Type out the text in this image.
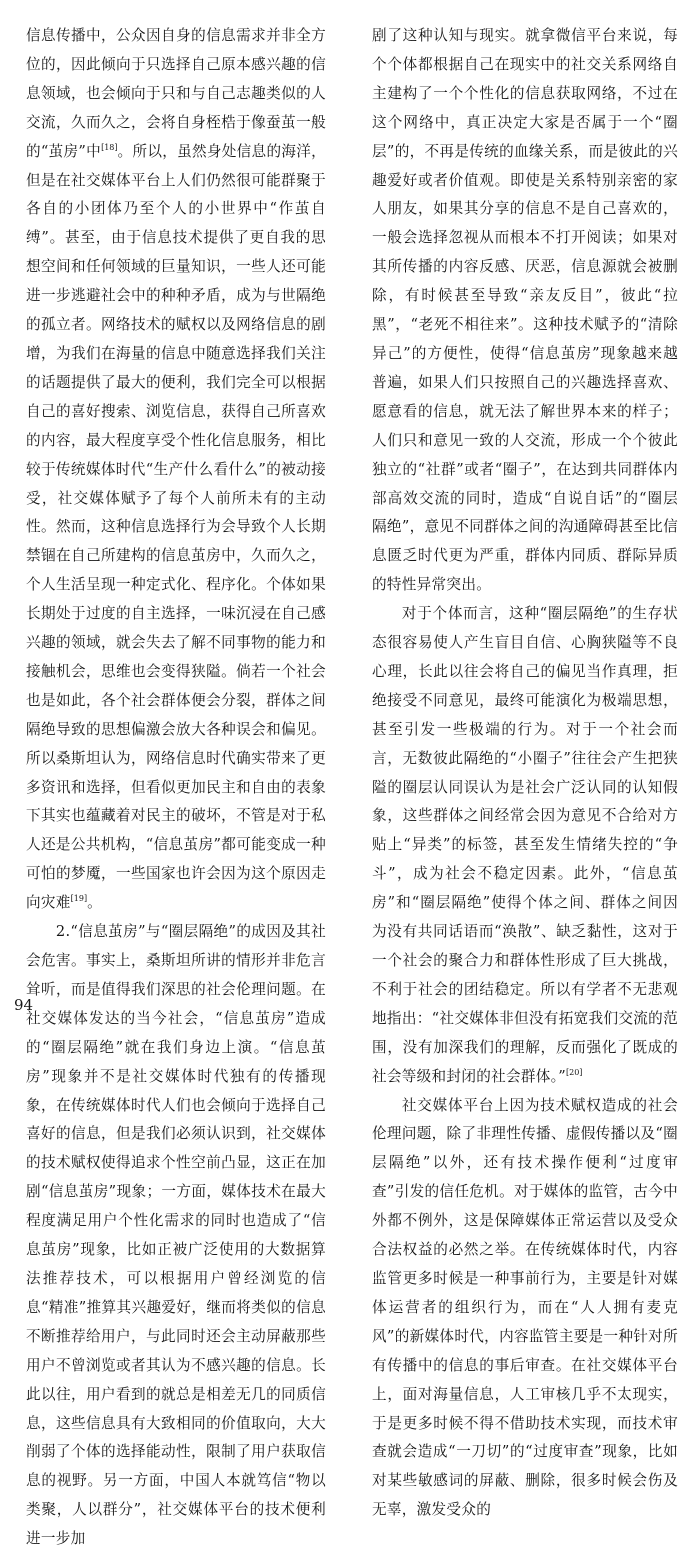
信息传播中，公众因自身的信息需求并非全方位的，因此倾向于只选择自己原本感兴趣的信息领域，也会倾向于只和与自己志趣类似的人交流，久而久之，会将自身桎梏于像蚕茧一般的“茧房”中[18]。所以，虽然身处信息的海洋，但是在社交媒体平台上人们仍然很可能群聚于各自的小团体乃至个人的小世界中“作茧自缚”。甚至，由于信息技术提供了更自我的思想空间和任何领域的巨量知识，一些人还可能进一步逃避社会中的种种矛盾，成为与世隔绝的孤立者。网络技术的赋权以及网络信息的剧增，为我们在海量的信息中随意选择我们关注的话题提供了最大的便利，我们完全可以根据自己的喜好搜索、浏览信息，获得自己所喜欢的内容，最大程度享受个性化信息服务，相比较于传统媒体时代“生产什么看什么”的被动接受，社交媒体赋予了每个人前所未有的主动性。然而，这种信息选择行为会导致个人长期禁锢在自己所建构的信息茧房中，久而久之，个人生活呈现一种定式化、程序化。个体如果长期处于过度的自主选择，一味沉浸在自己感兴趣的领域，就会失去了解不同事物的能力和接触机会，思维也会变得狭隘。倘若一个社会也是如此，各个社会群体便会分裂，群体之间隔绝导致的思想偏激会放大各种误会和偏见。所以桑斯坦认为，网络信息时代确实带来了更多资讯和选择，但看似更加民主和自由的表象下其实也蕴藏着对民主的破坏，不管是对于私人还是公共机构，“信息茧房”都可能变成一种可怕的梦魇，一些国家也许会因为这个原因走向灾难[19]。

2.“信息茧房”与“圈层隔绝”的成因及其社会危害。事实上，桑斯坦所讲的情形并非危言耸听，而是值得我们深思的社会伦理问题。在社交媒体发达的当今社会，“信息茧房”造成的“圈层隔绝”就在我们身边上演。“信息茧房”现象并不是社交媒体时代独有的传播现象，在传统媒体时代人们也会倾向于选择自己喜好的信息，但是我们必须认识到，社交媒体的技术赋权使得追求个性空前凸显，这正在加剧“信息茧房”现象；一方面，媒体技术在最大程度满足用户个性化需求的同时也造成了“信息茧房”现象，比如正被广泛使用的大数据算法推荐技术，可以根据用户曾经浏览的信息“精准”推算其兴趣爱好，继而将类似的信息不断推荐给用户，与此同时还会主动屏蔽那些用户不曾浏览或者其认为不感兴趣的信息。长此以往，用户看到的就总是相差无几的同质信息，这些信息具有大致相同的价值取向，大大削弱了个体的选择能动性，限制了用户获取信息的视野。另一方面，中国人本就笃信“物以类聚，人以群分”，社交媒体平台的技术便利进一步加

剧了这种认知与现实。就拿微信平台来说，每个个体都根据自己在现实中的社交关系网络自主建构了一个个性化的信息获取网络，不过在这个网络中，真正决定大家是否属于一个“圈层”的，不再是传统的血缘关系，而是彼此的兴趣爱好或者价值观。即使是关系特别亲密的家人朋友，如果其分享的信息不是自己喜欢的，一般会选择忽视从而根本不打开阅读；如果对其所传播的内容反感、厌恶，信息源就会被删除，有时候甚至导致“亲友反目”，彼此“拉黑”，“老死不相往来”。这种技术赋予的“清除异己”的方便性，使得“信息茧房”现象越来越普遍，如果人们只按照自己的兴趣选择喜欢、愿意看的信息，就无法了解世界本来的样子；人们只和意见一致的人交流，形成一个个彼此独立的“社群”或者“圈子”，在达到共同群体内部高效交流的同时，造成“自说自话”的“圈层隔绝”，意见不同群体之间的沟通障碍甚至比信息匮乏时代更为严重，群体内同质、群际异质的特性异常突出。

对于个体而言，这种“圈层隔绝”的生存状态很容易使人产生盲目自信、心胸狭隘等不良心理，长此以往会将自己的偏见当作真理，拒绝接受不同意见，最终可能演化为极端思想，甚至引发一些极端的行为。对于一个社会而言，无数彼此隔绝的“小圈子”往往会产生把狭隘的圈层认同误认为是社会广泛认同的认知假象，这些群体之间经常会因为意见不合给对方贴上“异类”的标签，甚至发生情绪失控的“争斗”，成为社会不稳定因素。此外，“信息茧房”和“圈层隔绝”使得个体之间、群体之间因为没有共同话语而“涣散”、缺乏黏性，这对于一个社会的聚合力和群体性形成了巨大挑战，不利于社会的团结稳定。所以有学者不无悲观地指出：“社交媒体非但没有拓宽我们交流的范围，没有加深我们的理解，反而强化了既成的社会等级和封闭的社会群体。”[20]

社交媒体平台上因为技术赋权造成的社会伦理问题，除了非理性传播、虚假传播以及“圈层隔绝”以外，还有技术操作便利“过度审查”引发的信任危机。对于媒体的监管，古今中外都不例外，这是保障媒体正常运营以及受众合法权益的必然之举。在传统媒体时代，内容监管更多时候是一种事前行为，主要是针对媒体运营者的组织行为，而在“人人拥有麦克风”的新媒体时代，内容监管主要是一种针对所有传播中的信息的事后审查。在社交媒体平台上，面对海量信息，人工审核几乎不太现实，于是更多时候不得不借助技术实现，而技术审查就会造成“一刀切”的“过度审查”现象，比如对某些敏感词的屏蔽、删除，很多时候会伤及无辜，激发受众的

94
